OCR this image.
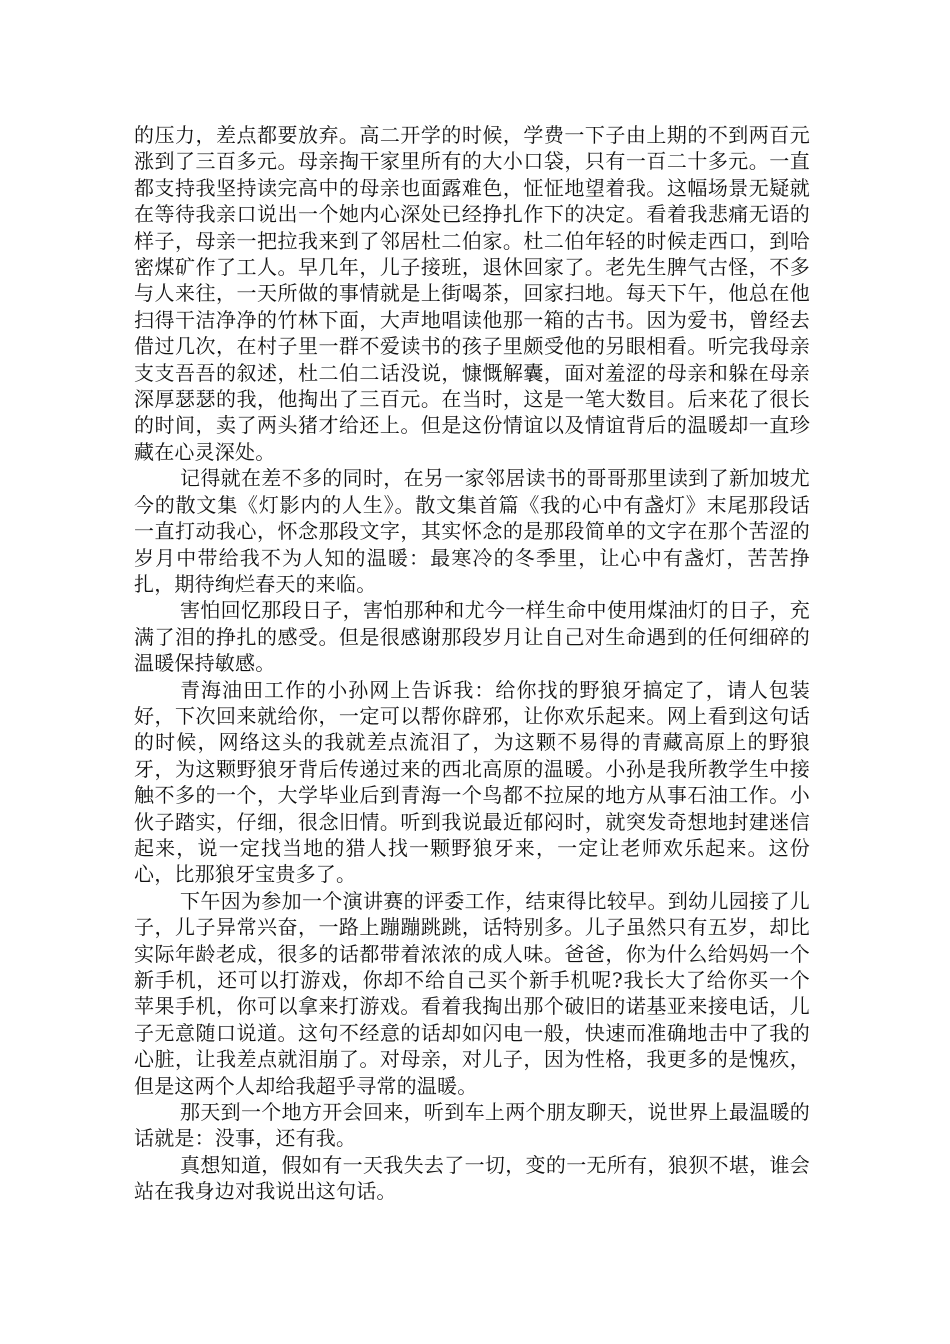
的压力，差点都要放弃。高二开学的时候，学费一下子由上期的不到两百元涨到了三百多元。母亲掏干家里所有的大小口袋，只有一百二十多元。一直都支持我坚持读完高中的母亲也面露难色，怔怔地望着我。这幅场景无疑就在等待我亲口说出一个她内心深处已经挣扎作下的决定。看着我悲痛无语的样子，母亲一把拉我来到了邻居杜二伯家。杜二伯年轻的时候走西口，到哈密煤矿作了工人。早几年，儿子接班，退休回家了。老先生脾气古怪，不多与人来往，一天所做的事情就是上街喝茶，回家扫地。每天下午，他总在他扫得干洁净净的竹林下面，大声地唱读他那一箱的古书。因为爱书，曾经去借过几次，在村子里一群不爱读书的孩子里颇受他的另眼相看。听完我母亲支支吾吾的叙述，杜二伯二话没说，慷慨解囊，面对羞涩的母亲和躲在母亲深厚瑟瑟的我，他掏出了三百元。在当时，这是一笔大数目。后来花了很长的时间，卖了两头猪才给还上。但是这份情谊以及情谊背后的温暖却一直珍藏在心灵深处。

记得就在差不多的同时，在另一家邻居读书的哥哥那里读到了新加坡尤今的散文集《灯影内的人生》。散文集首篇《我的心中有盏灯》末尾那段话一直打动我心，怀念那段文字，其实怀念的是那段简单的文字在那个苦涩的岁月中带给我不为人知的温暖：最寒冷的冬季里，让心中有盏灯，苦苦挣扎，期待绚烂春天的来临。

害怕回忆那段日子，害怕那种和尤今一样生命中使用煤油灯的日子，充满了泪的挣扎的感受。但是很感谢那段岁月让自己对生命遇到的任何细碎的温暖保持敏感。

青海油田工作的小孙网上告诉我：给你找的野狼牙搞定了，请人包装好，下次回来就给你，一定可以帮你辟邪，让你欢乐起来。网上看到这句话的时候，网络这头的我就差点流泪了，为这颗不易得的青藏高原上的野狼牙，为这颗野狼牙背后传递过来的西北高原的温暖。小孙是我所教学生中接触不多的一个，大学毕业后到青海一个鸟都不拉屎的地方从事石油工作。小伙子踏实，仔细，很念旧情。听到我说最近郁闷时，就突发奇想地封建迷信起来，说一定找当地的猎人找一颗野狼牙来，一定让老师欢乐起来。这份心，比那狼牙宝贵多了。

下午因为参加一个演讲赛的评委工作，结束得比较早。到幼儿园接了儿子，儿子异常兴奋，一路上蹦蹦跳跳，话特别多。儿子虽然只有五岁，却比实际年龄老成，很多的话都带着浓浓的成人味。爸爸，你为什么给妈妈一个新手机，还可以打游戏，你却不给自己买个新手机呢?我长大了给你买一个苹果手机，你可以拿来打游戏。看着我掏出那个破旧的诺基亚来接电话，儿子无意随口说道。这句不经意的话却如闪电一般，快速而准确地击中了我的心脏，让我差点就泪崩了。对母亲，对儿子，因为性格，我更多的是愧疚，但是这两个人却给我超乎寻常的温暖。

那天到一个地方开会回来，听到车上两个朋友聊天，说世界上最温暖的话就是：没事，还有我。

真想知道，假如有一天我失去了一切，变的一无所有，狼狈不堪，谁会站在我身边对我说出这句话。
